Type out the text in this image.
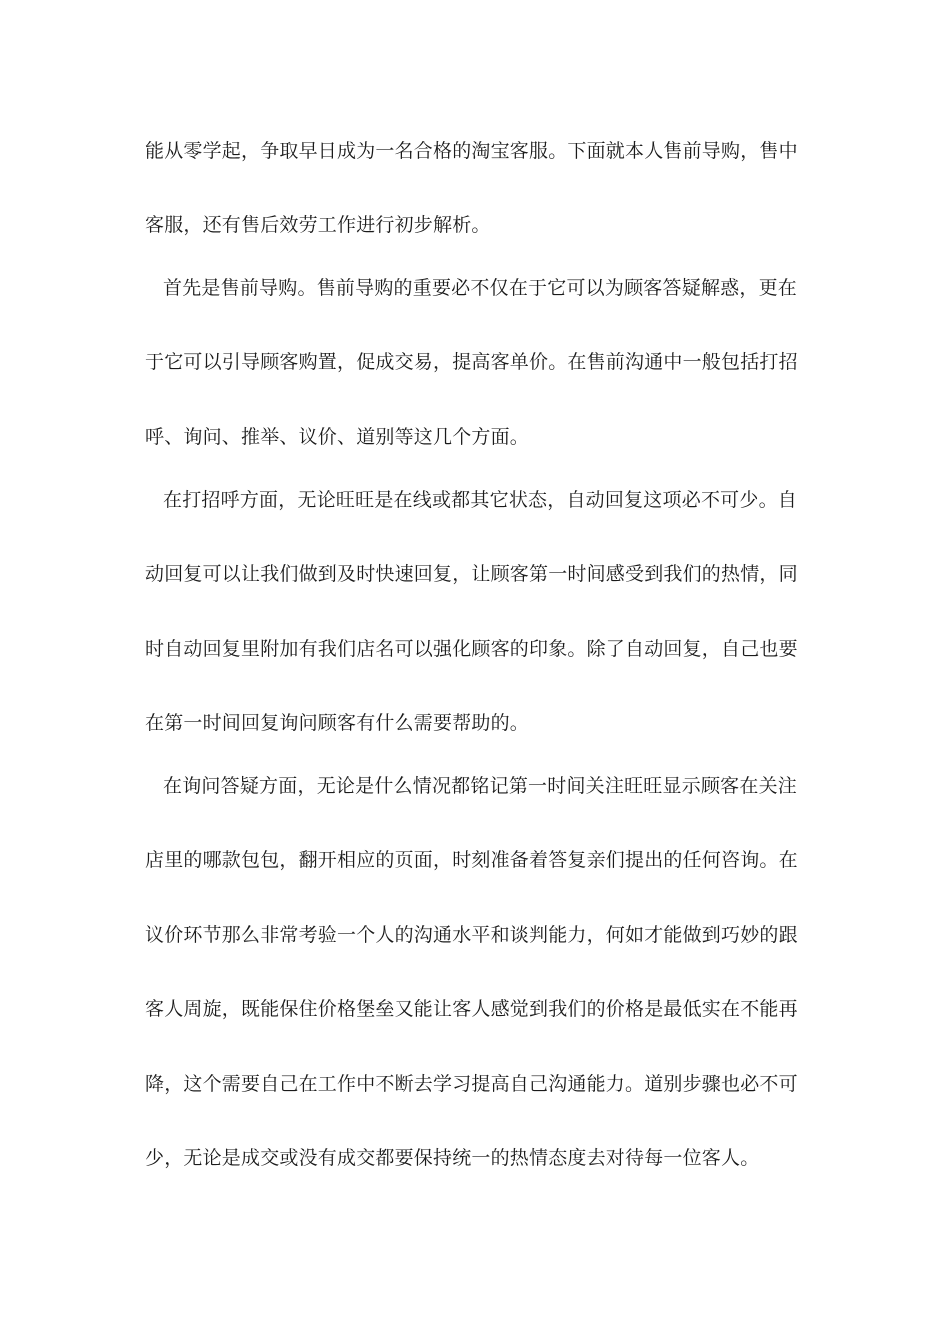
能从零学起，争取早日成为一名合格的淘宝客服。下面就本人售前导购，售中
客服，还有售后效劳工作进行初步解析。
首先是售前导购。售前导购的重要必不仅在于它可以为顾客答疑解惑，更在
于它可以引导顾客购置，促成交易，提高客单价。在售前沟通中一般包括打招
呼、询问、推举、议价、道别等这几个方面。
在打招呼方面，无论旺旺是在线或都其它状态，自动回复这项必不可少。自
动回复可以让我们做到及时快速回复，让顾客第一时间感受到我们的热情，同
时自动回复里附加有我们店名可以强化顾客的印象。除了自动回复，自己也要
在第一时间回复询问顾客有什么需要帮助的。
在询问答疑方面，无论是什么情况都铭记第一时间关注旺旺显示顾客在关注
店里的哪款包包，翻开相应的页面，时刻准备着答复亲们提出的任何咨询。在
议价环节那么非常考验一个人的沟通水平和谈判能力，何如才能做到巧妙的跟
客人周旋，既能保住价格堡垒又能让客人感觉到我们的价格是最低实在不能再
降，这个需要自己在工作中不断去学习提高自己沟通能力。道别步骤也必不可
少，无论是成交或没有成交都要保持统一的热情态度去对待每一位客人。
